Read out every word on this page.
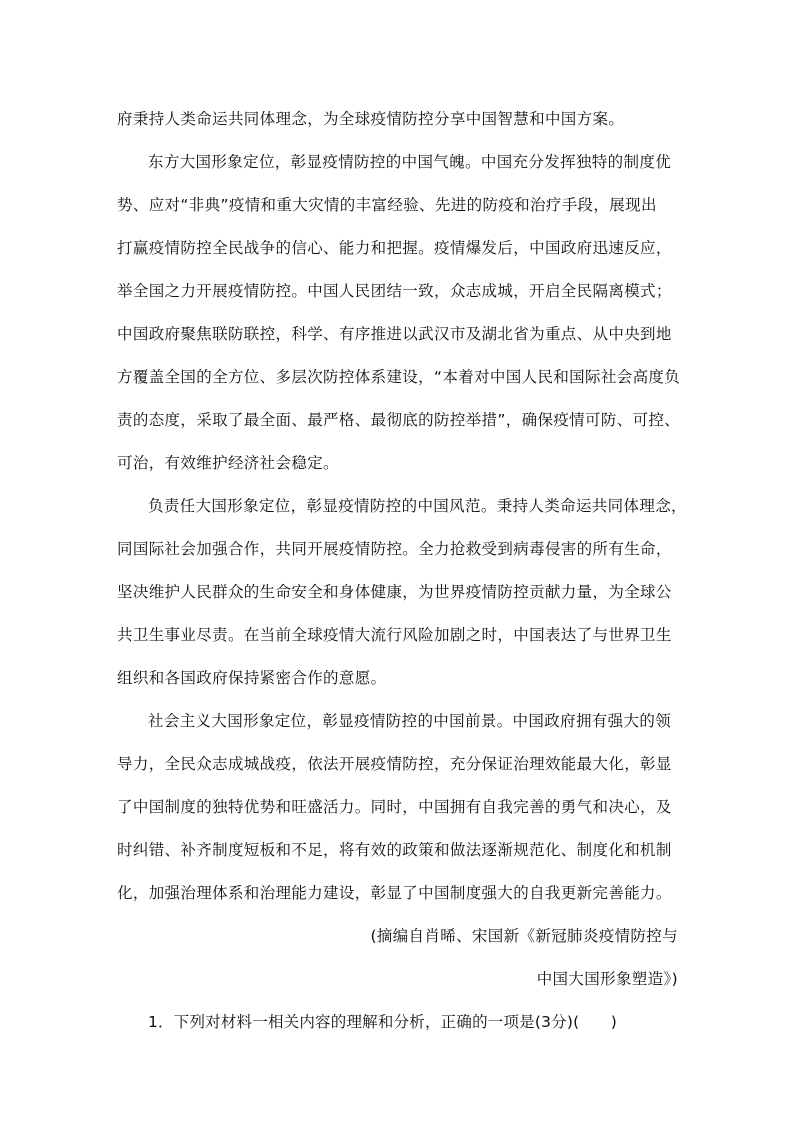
府秉持人类命运共同体理念，为全球疫情防控分享中国智慧和中国方案。
东方大国形象定位，彰显疫情防控的中国气魄。中国充分发挥独特的制度优
势、应对“非典”疫情和重大灾情的丰富经验、先进的防疫和治疗手段，展现出
打赢疫情防控全民战争的信心、能力和把握。疫情爆发后，中国政府迅速反应，
举全国之力开展疫情防控。中国人民团结一致，众志成城，开启全民隔离模式；
中国政府聚焦联防联控，科学、有序推进以武汉市及湖北省为重点、从中央到地
方覆盖全国的全方位、多层次防控体系建设，“本着对中国人民和国际社会高度负
责的态度，采取了最全面、最严格、最彻底的防控举措”，确保疫情可防、可控、
可治，有效维护经济社会稳定。
负责任大国形象定位，彰显疫情防控的中国风范。秉持人类命运共同体理念，
同国际社会加强合作，共同开展疫情防控。全力抢救受到病毒侵害的所有生命，
坚决维护人民群众的生命安全和身体健康，为世界疫情防控贡献力量，为全球公
共卫生事业尽责。在当前全球疫情大流行风险加剧之时，中国表达了与世界卫生
组织和各国政府保持紧密合作的意愿。
社会主义大国形象定位，彰显疫情防控的中国前景。中国政府拥有强大的领
导力，全民众志成城战疫，依法开展疫情防控，充分保证治理效能最大化，彰显
了中国制度的独特优势和旺盛活力。同时，中国拥有自我完善的勇气和决心，及
时纠错、补齐制度短板和不足，将有效的政策和做法逐渐规范化、制度化和机制
化，加强治理体系和治理能力建设，彰显了中国制度强大的自我更新完善能力。
(摘编自肖晞、宋国新《新冠肺炎疫情防控与
中国大国形象塑造》)
1．下列对材料一相关内容的理解和分析，正确的一项是(3分)(　　)
